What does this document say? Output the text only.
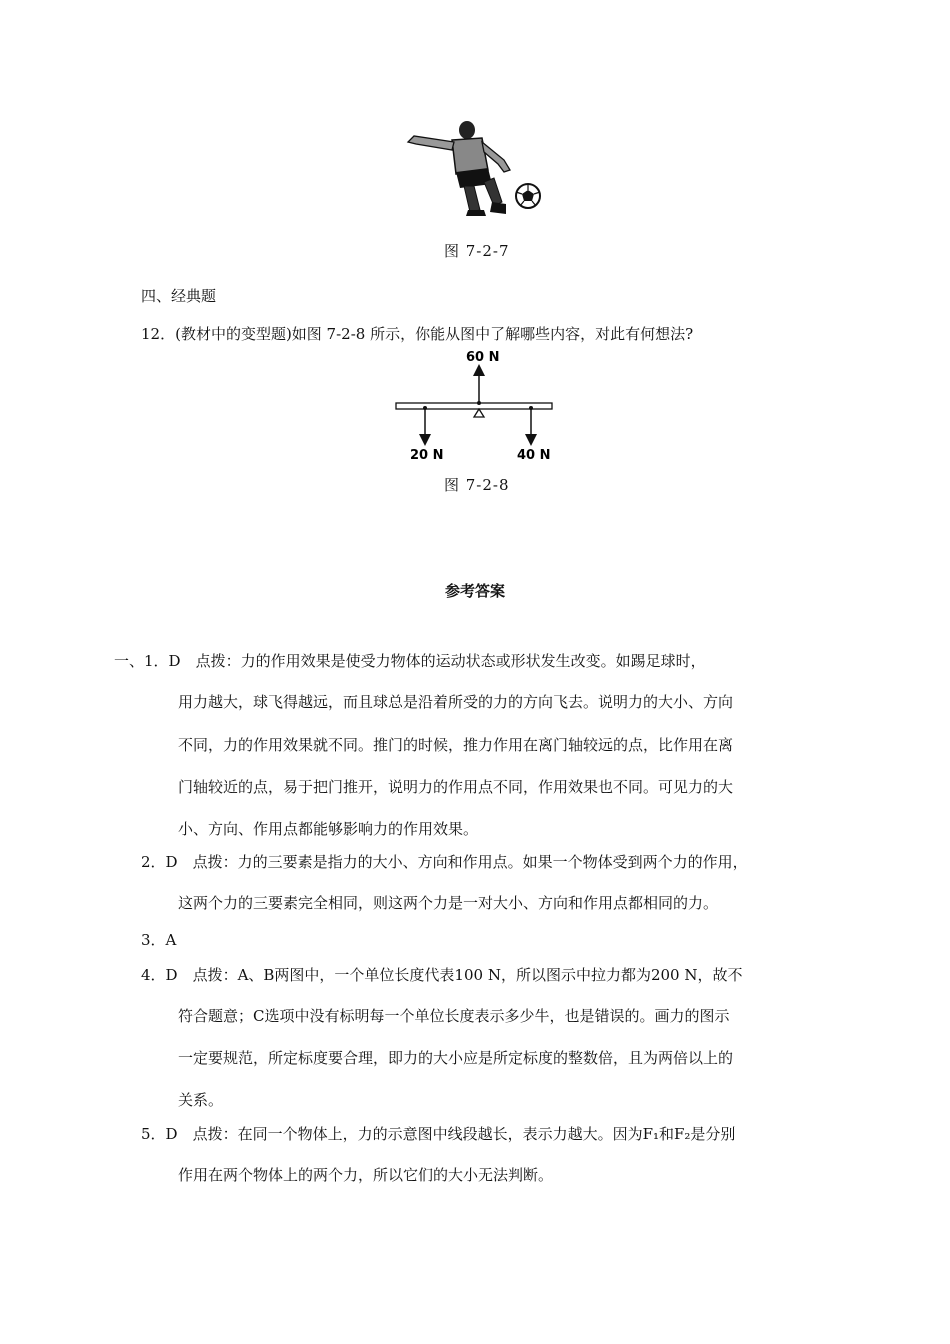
图 7-2-7
四、经典题
12．(教材中的变型题)如图 7-2-8 所示，你能从图中了解哪些内容，对此有何想法?
60 N
20 N	40 N
图 7-2-8
参考答案
一、1．D　点拨：力的作用效果是使受力物体的运动状态或形状发生改变。如踢足球时，
用力越大，球飞得越远，而且球总是沿着所受的力的方向飞去。说明力的大小、方向
不同，力的作用效果就不同。推门的时候，推力作用在离门轴较远的点，比作用在离
门轴较近的点，易于把门推开，说明力的作用点不同，作用效果也不同。可见力的大
小、方向、作用点都能够影响力的作用效果。
2．D　点拨：力的三要素是指力的大小、方向和作用点。如果一个物体受到两个力的作用，
这两个力的三要素完全相同，则这两个力是一对大小、方向和作用点都相同的力。
3．A
4．D　点拨：A、B两图中，一个单位长度代表100 N，所以图示中拉力都为200 N，故不
符合题意；C选项中没有标明每一个单位长度表示多少牛，也是错误的。画力的图示
一定要规范，所定标度要合理，即力的大小应是所定标度的整数倍，且为两倍以上的
关系。
5．D　点拨：在同一个物体上，力的示意图中线段越长，表示力越大。因为F₁和F₂是分别
作用在两个物体上的两个力，所以它们的大小无法判断。
